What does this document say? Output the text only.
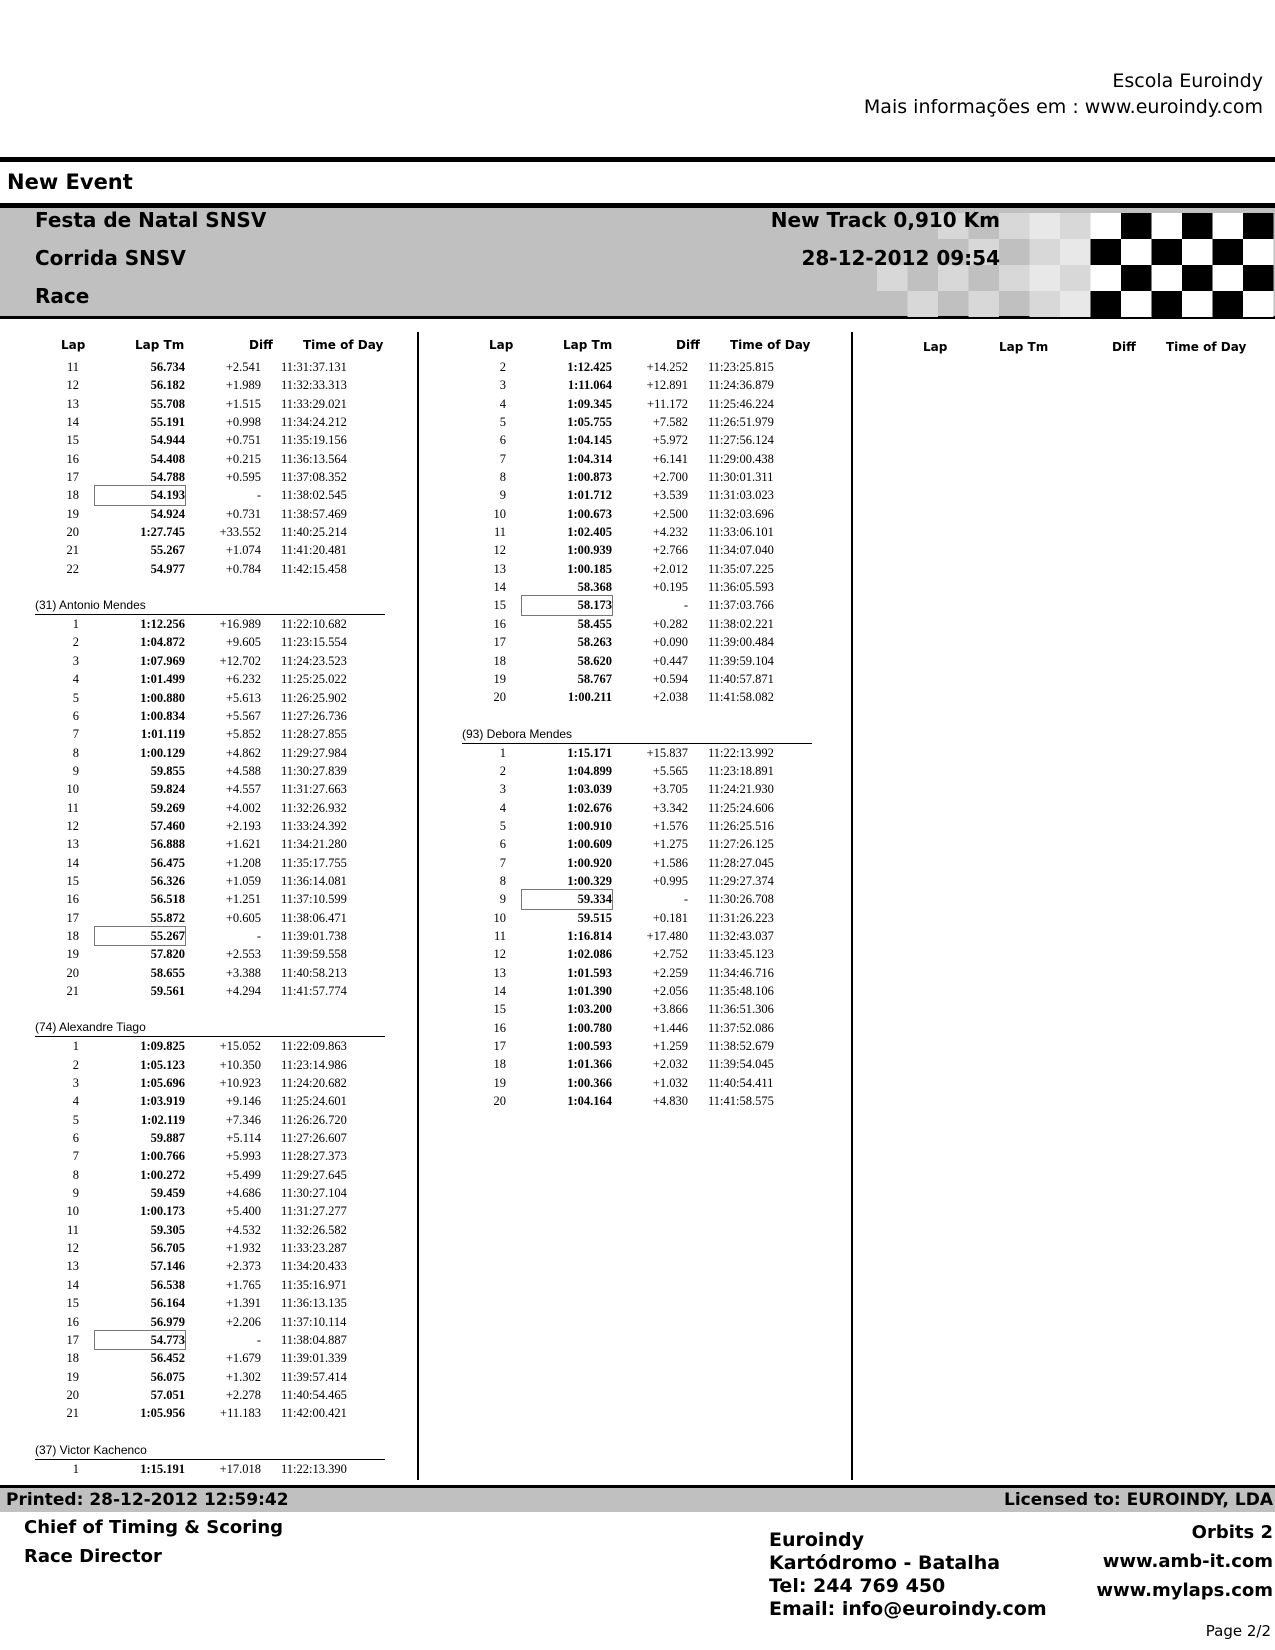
Escola Euroindy
Mais informações em : www.euroindy.com
New Event
Festa de Natal SNSV
Corrida SNSV
Race
New Track 0,910 Km
28-12-2012 09:54
Lap	Lap Tm	Diff	Time of Day	Lap	Lap Tm	Diff	Time of Day	Lap	Lap Tm	Diff	Time of Day
11	56.734	+2.541 11:31:37.131
12	56.182	+1.989 11:32:33.313
13	55.708	+1.515 11:33:29.021
14	55.191	+0.998 11:34:24.212
15	54.944	+0.751 11:35:19.156
16	54.408	+0.215 11:36:13.564
17	54.788	+0.595 11:37:08.352
18	54.193	- 11:38:02.545
19	54.924	+0.731 11:38:57.469
20	1:27.745	+33.552 11:40:25.214
21	55.267	+1.074 11:41:20.481
22	54.977	+0.784 11:42:15.458
(31) Antonio Mendes
1	1:12.256	+16.989 11:22:10.682
2	1:04.872	+9.605 11:23:15.554
3	1:07.969	+12.702 11:24:23.523
4	1:01.499	+6.232 11:25:25.022
5	1:00.880	+5.613 11:26:25.902
6	1:00.834	+5.567 11:27:26.736
7	1:01.119	+5.852 11:28:27.855
8	1:00.129	+4.862 11:29:27.984
9	59.855	+4.588 11:30:27.839
10	59.824	+4.557 11:31:27.663
11	59.269	+4.002 11:32:26.932
12	57.460	+2.193 11:33:24.392
13	56.888	+1.621 11:34:21.280
14	56.475	+1.208 11:35:17.755
15	56.326	+1.059 11:36:14.081
16	56.518	+1.251 11:37:10.599
17	55.872	+0.605 11:38:06.471
18	55.267	- 11:39:01.738
19	57.820	+2.553 11:39:59.558
20	58.655	+3.388 11:40:58.213
21	59.561	+4.294 11:41:57.774
(74) Alexandre Tiago
1	1:09.825	+15.052 11:22:09.863
2	1:05.123	+10.350 11:23:14.986
3	1:05.696	+10.923 11:24:20.682
4	1:03.919	+9.146 11:25:24.601
5	1:02.119	+7.346 11:26:26.720
6	59.887	+5.114 11:27:26.607
7	1:00.766	+5.993 11:28:27.373
8	1:00.272	+5.499 11:29:27.645
9	59.459	+4.686 11:30:27.104
10	1:00.173	+5.400 11:31:27.277
11	59.305	+4.532 11:32:26.582
12	56.705	+1.932 11:33:23.287
13	57.146	+2.373 11:34:20.433
14	56.538	+1.765 11:35:16.971
15	56.164	+1.391 11:36:13.135
16	56.979	+2.206 11:37:10.114
17	54.773	- 11:38:04.887
18	56.452	+1.679 11:39:01.339
19	56.075	+1.302 11:39:57.414
20	57.051	+2.278 11:40:54.465
21	1:05.956	+11.183 11:42:00.421
(37) Victor Kachenco
1	1:15.191	+17.018 11:22:13.390
2	1:12.425	+14.252 11:23:25.815
3	1:11.064	+12.891 11:24:36.879
4	1:09.345	+11.172 11:25:46.224
5	1:05.755	+7.582 11:26:51.979
6	1:04.145	+5.972 11:27:56.124
7	1:04.314	+6.141 11:29:00.438
8	1:00.873	+2.700 11:30:01.311
9	1:01.712	+3.539 11:31:03.023
10	1:00.673	+2.500 11:32:03.696
11	1:02.405	+4.232 11:33:06.101
12	1:00.939	+2.766 11:34:07.040
13	1:00.185	+2.012 11:35:07.225
14	58.368	+0.195 11:36:05.593
15	58.173	- 11:37:03.766
16	58.455	+0.282 11:38:02.221
17	58.263	+0.090 11:39:00.484
18	58.620	+0.447 11:39:59.104
19	58.767	+0.594 11:40:57.871
20	1:00.211	+2.038 11:41:58.082
(93) Debora Mendes
1	1:15.171	+15.837 11:22:13.992
2	1:04.899	+5.565 11:23:18.891
3	1:03.039	+3.705 11:24:21.930
4	1:02.676	+3.342 11:25:24.606
5	1:00.910	+1.576 11:26:25.516
6	1:00.609	+1.275 11:27:26.125
7	1:00.920	+1.586 11:28:27.045
8	1:00.329	+0.995 11:29:27.374
9	59.334	- 11:30:26.708
10	59.515	+0.181 11:31:26.223
11	1:16.814	+17.480 11:32:43.037
12	1:02.086	+2.752 11:33:45.123
13	1:01.593	+2.259 11:34:46.716
14	1:01.390	+2.056 11:35:48.106
15	1:03.200	+3.866 11:36:51.306
16	1:00.780	+1.446 11:37:52.086
17	1:00.593	+1.259 11:38:52.679
18	1:01.366	+2.032 11:39:54.045
19	1:00.366	+1.032 11:40:54.411
20	1:04.164	+4.830 11:41:58.575
Printed: 28-12-2012 12:59:42	Licensed to: EUROINDY, LDA
Chief of Timing & Scoring
Race Director
Euroindy
Kartódromo - Batalha
Tel: 244 769 450
Email: info@euroindy.com
Orbits 2
www.amb-it.com
www.mylaps.com
Page 2/2
